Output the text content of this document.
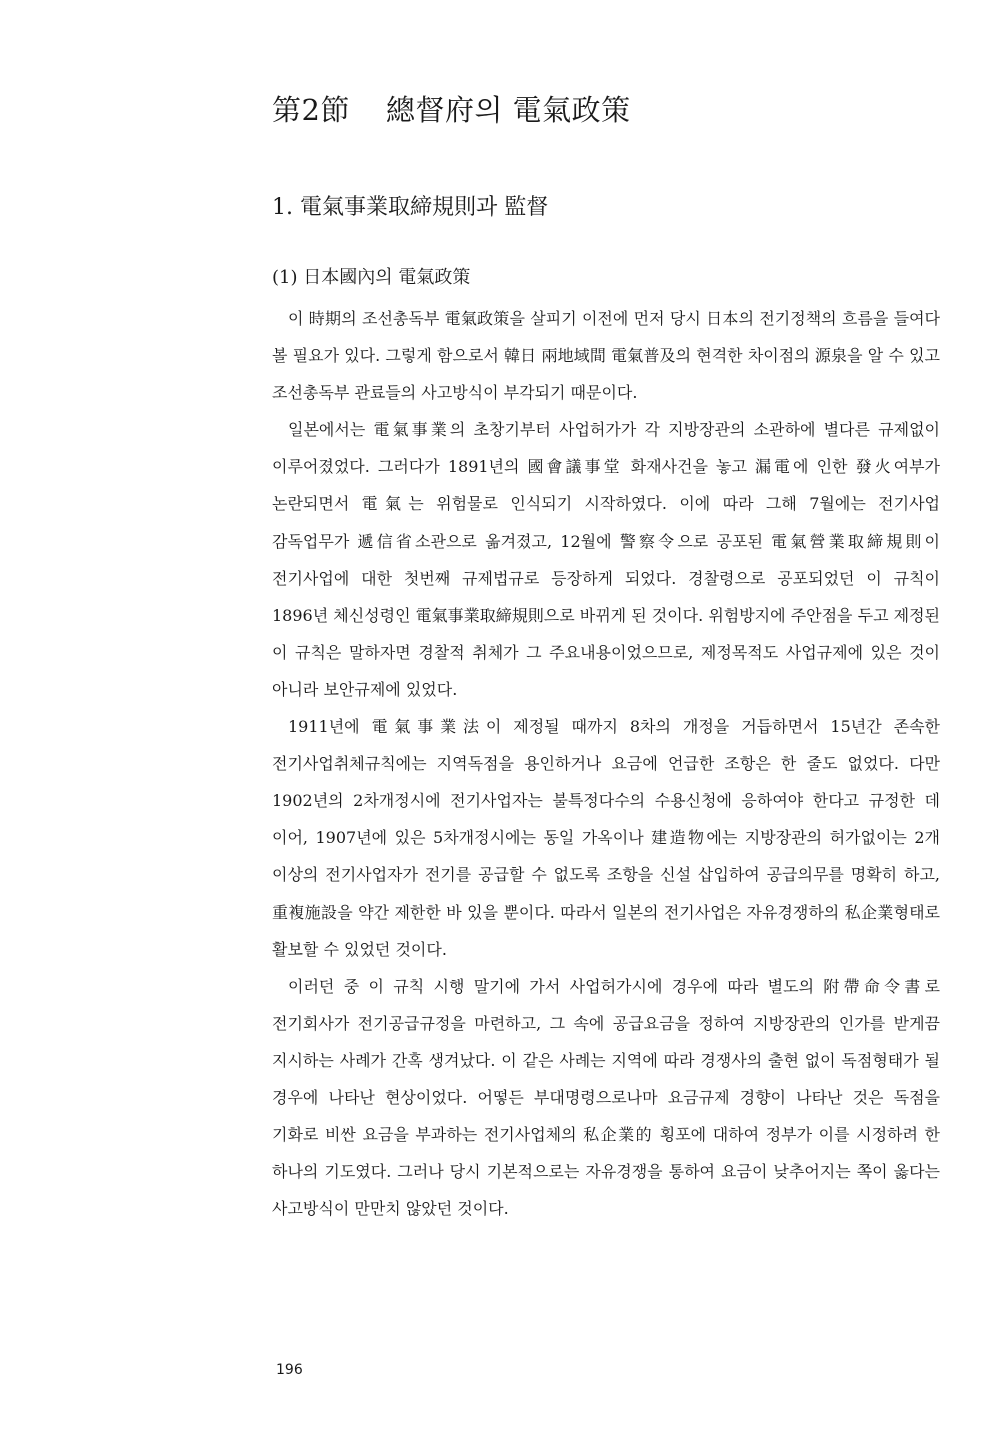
第2節 總督府의 電氣政策
1. 電氣事業取締規則과 監督
(1) 日本國內의 電氣政策

이 時期의 조선총독부 電氣政策을 살피기 이전에 먼저 당시 日本의 전기정책의 흐름을 들여다 볼 필요가 있다. 그렇게 함으로서 韓日 兩地域間 電氣普及의 현격한 차이점의 源泉을 알 수 있고 조선총독부 관료들의 사고방식이 부각되기 때문이다.

일본에서는 電氣事業의 초창기부터 사업허가가 각 지방장관의 소관하에 별다른 규제없이 이루어졌었다. 그러다가 1891년의 國會議事堂 화재사건을 놓고 漏電에 인한 發火여부가 논란되면서 電氣는 위험물로 인식되기 시작하였다. 이에 따라 그해 7월에는 전기사업 감독업무가 遞信省소관으로 옮겨졌고, 12월에 警察令으로 공포된 電氣營業取締規則이 전기사업에 대한 첫번째 규제법규로 등장하게 되었다. 경찰령으로 공포되었던 이 규칙이 1896년 체신성령인 電氣事業取締規則으로 바뀌게 된 것이다. 위험방지에 주안점을 두고 제정된 이 규칙은 말하자면 경찰적 취체가 그 주요내용이었으므로, 제정목적도 사업규제에 있은 것이 아니라 보안규제에 있었다.

1911년에 電氣事業法이 제정될 때까지 8차의 개정을 거듭하면서 15년간 존속한 전기사업취체규칙에는 지역독점을 용인하거나 요금에 언급한 조항은 한 줄도 없었다. 다만 1902년의 2차개정시에 전기사업자는 불특정다수의 수용신청에 응하여야 한다고 규정한 데 이어, 1907년에 있은 5차개정시에는 동일 가옥이나 建造物에는 지방장관의 허가없이는 2개 이상의 전기사업자가 전기를 공급할 수 없도록 조항을 신설 삽입하여 공급의무를 명확히 하고, 重複施設을 약간 제한한 바 있을 뿐이다. 따라서 일본의 전기사업은 자유경쟁하의 私企業형태로 활보할 수 있었던 것이다.

이러던 중 이 규칙 시행 말기에 가서 사업허가시에 경우에 따라 별도의 附帶命令書로 전기회사가 전기공급규정을 마련하고, 그 속에 공급요금을 정하여 지방장관의 인가를 받게끔 지시하는 사례가 간혹 생겨났다. 이 같은 사례는 지역에 따라 경쟁사의 출현 없이 독점형태가 될 경우에 나타난 현상이었다. 어떻든 부대명령으로나마 요금규제 경향이 나타난 것은 독점을 기화로 비싼 요금을 부과하는 전기사업체의 私企業的 횡포에 대하여 정부가 이를 시정하려 한 하나의 기도였다. 그러나 당시 기본적으로는 자유경쟁을 통하여 요금이 낮추어지는 쪽이 옳다는 사고방식이 만만치 않았던 것이다.

196
